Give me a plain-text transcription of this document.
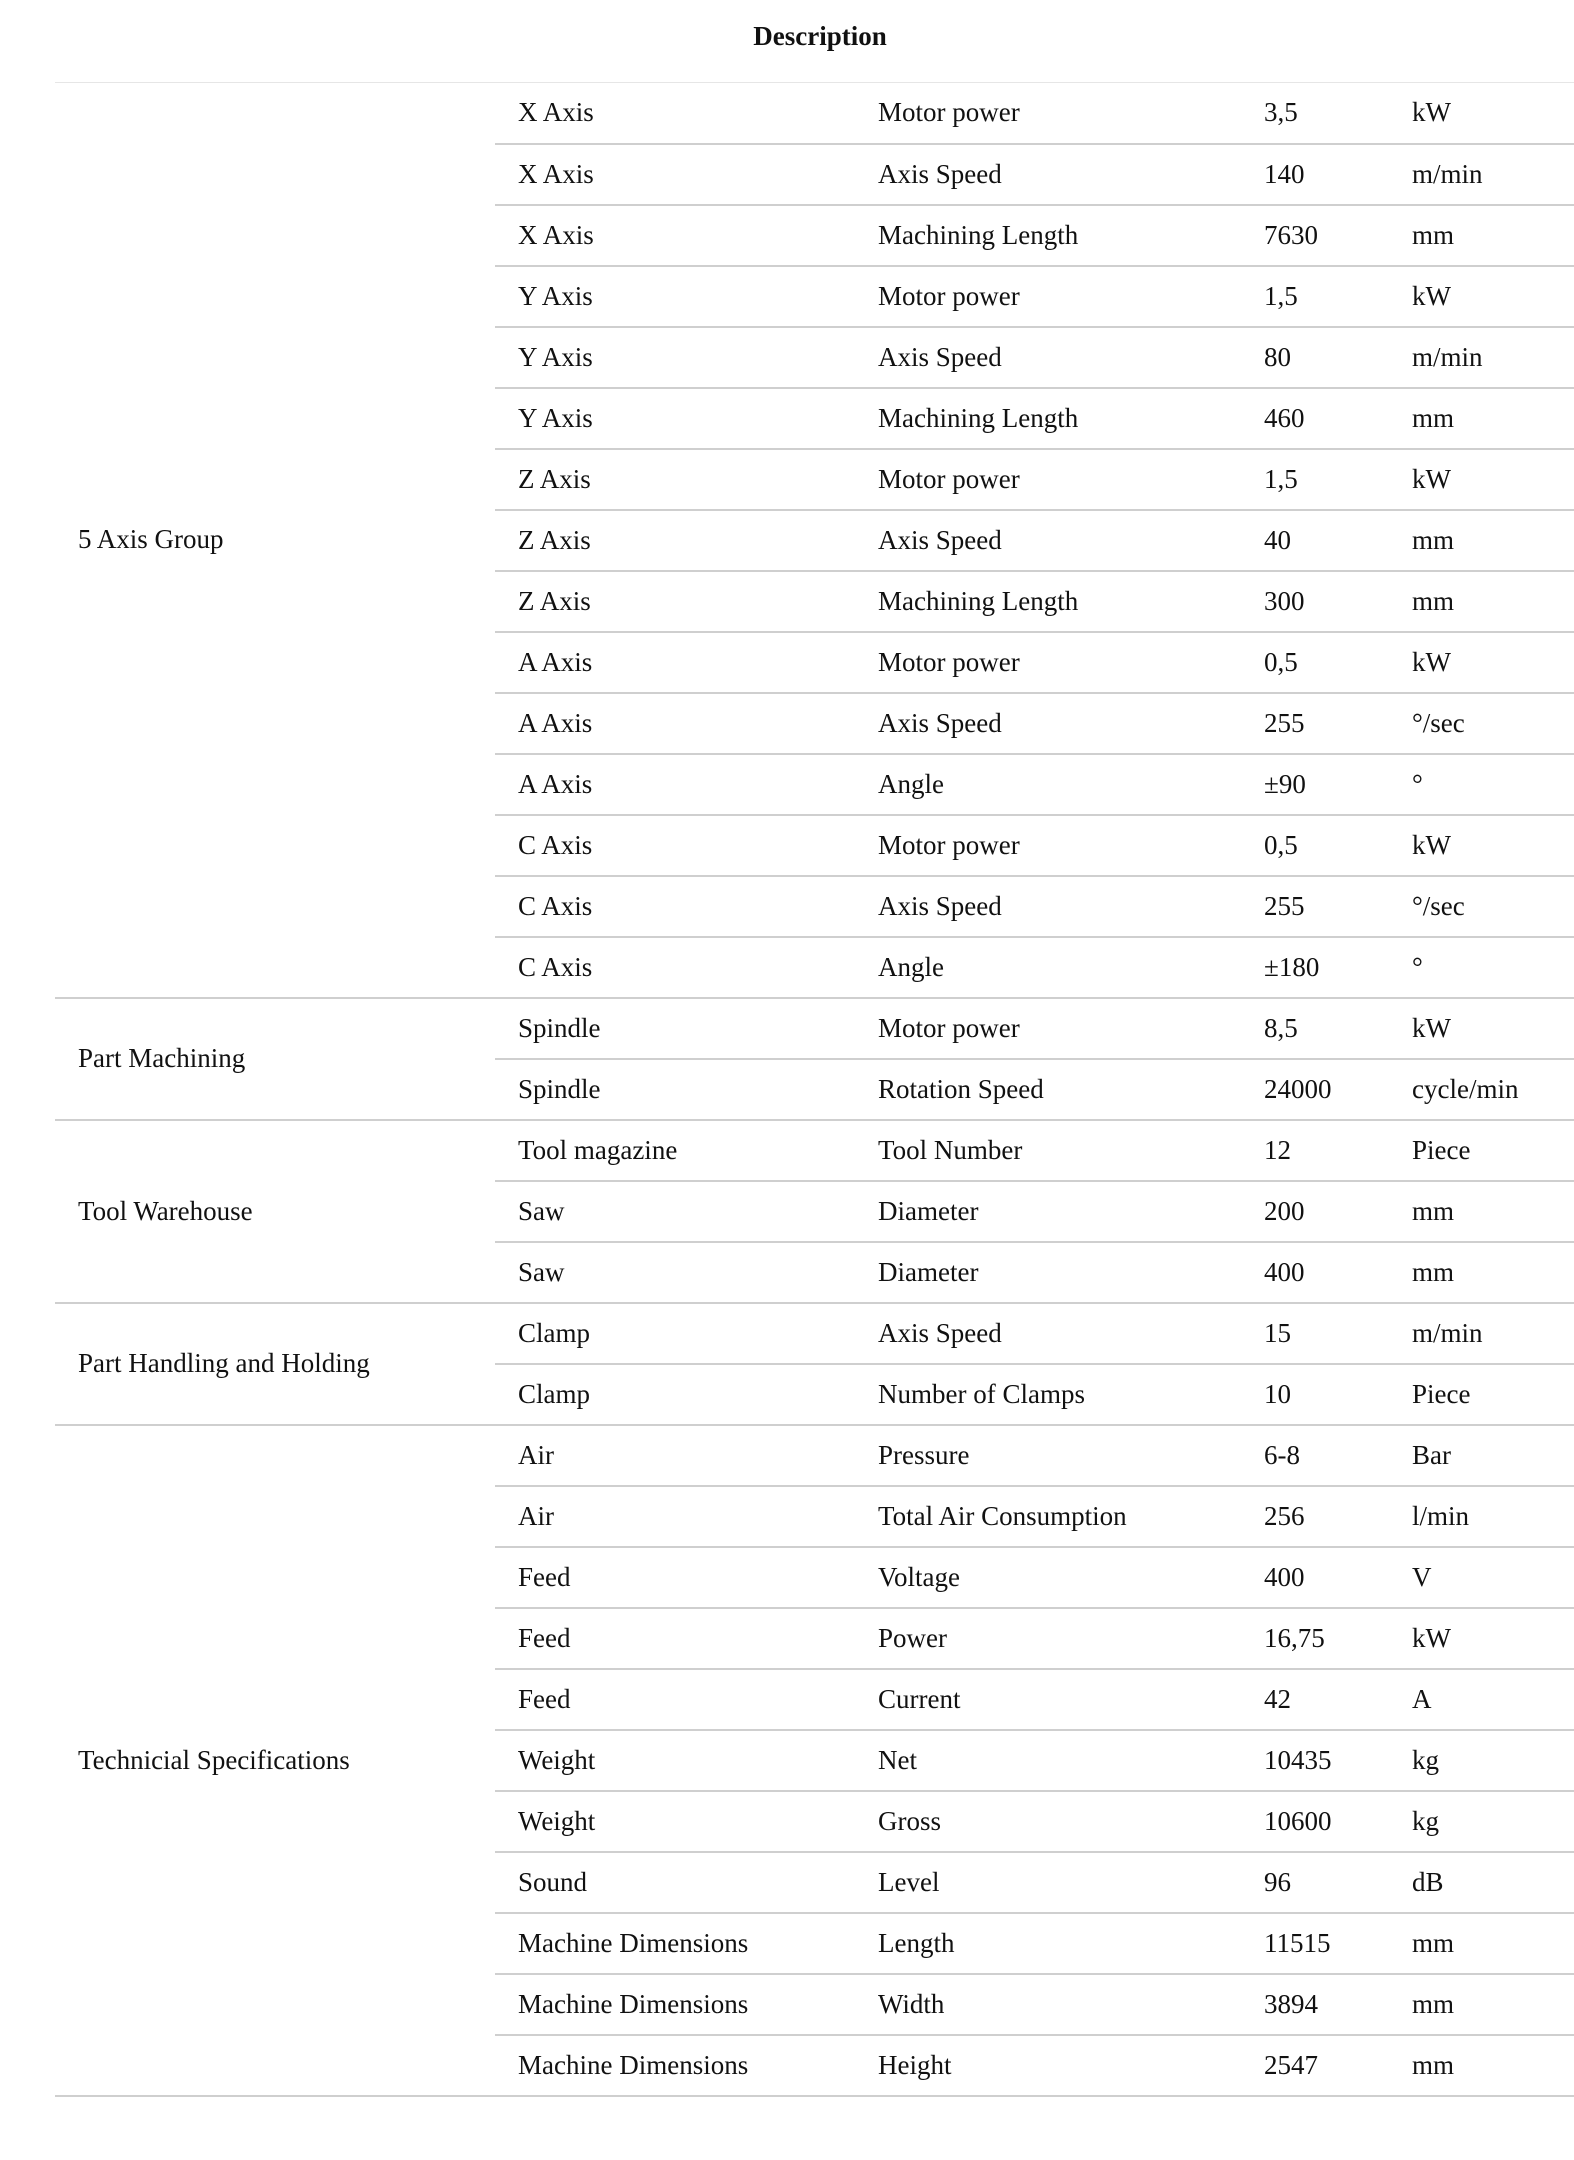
Description
5 Axis Group	X Axis	Motor power	3,5	kW
	X Axis	Axis Speed	140	m/min
	X Axis	Machining Length	7630	mm
	Y Axis	Motor power	1,5	kW
	Y Axis	Axis Speed	80	m/min
	Y Axis	Machining Length	460	mm
	Z Axis	Motor power	1,5	kW
	Z Axis	Axis Speed	40	mm
	Z Axis	Machining Length	300	mm
	A Axis	Motor power	0,5	kW
	A Axis	Axis Speed	255	°/sec
	A Axis	Angle	±90	°
	C Axis	Motor power	0,5	kW
	C Axis	Axis Speed	255	°/sec
	C Axis	Angle	±180	°
Part Machining	Spindle	Motor power	8,5	kW
	Spindle	Rotation Speed	24000	cycle/min
Tool Warehouse	Tool magazine	Tool Number	12	Piece
	Saw	Diameter	200	mm
	Saw	Diameter	400	mm
Part Handling and Holding	Clamp	Axis Speed	15	m/min
	Clamp	Number of Clamps	10	Piece
Technicial Specifications	Air	Pressure	6-8	Bar
	Air	Total Air Consumption	256	l/min
	Feed	Voltage	400	V
	Feed	Power	16,75	kW
	Feed	Current	42	A
	Weight	Net	10435	kg
	Weight	Gross	10600	kg
	Sound	Level	96	dB
	Machine Dimensions	Length	11515	mm
	Machine Dimensions	Width	3894	mm
	Machine Dimensions	Height	2547	mm
